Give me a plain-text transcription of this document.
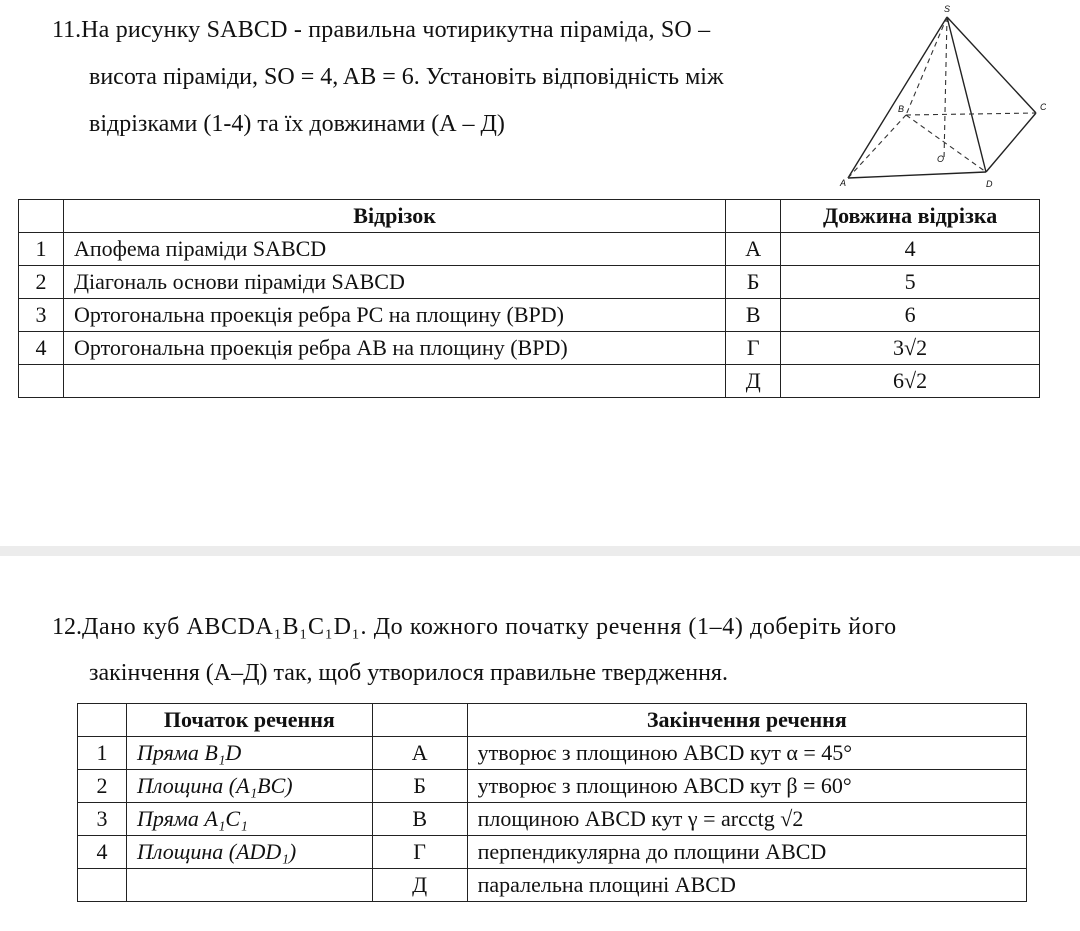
11.На рисунку SABCD - правильна чотирикутна піраміда, SO –
висота піраміди, SO = 4, AB = 6. Установіть відповідність між
відрізками (1-4) та їх довжинами (А – Д)
S
A
B	C
D
O
	Відрізок		Довжина відрізка
1	Апофема піраміди SABCD	А	4
2	Діагональ основи піраміди SABCD	Б	5
3	Ортогональна проекція ребра PC на площину (BPD)	В	6
4	Ортогональна проекція ребра AB на площину (BPD)	Г	3√2
		Д	6√2
12.Дано куб ABCDA₁B₁C₁D₁. До кожного початку речення (1–4) доберіть його
закінчення (А–Д) так, щоб утворилося правильне твердження.
	Початок речення		Закінчення речення
1	Пряма B₁D	А	утворює з площиною ABCD кут α = 45°
2	Площина (A₁BC)	Б	утворює з площиною ABCD кут β = 60°
3	Пряма A₁C₁	В	площиною ABCD кут γ = arcctg √2
4	Площина (ADD₁)	Г	перпендикулярна до площини ABCD
		Д	паралельна площині ABCD
